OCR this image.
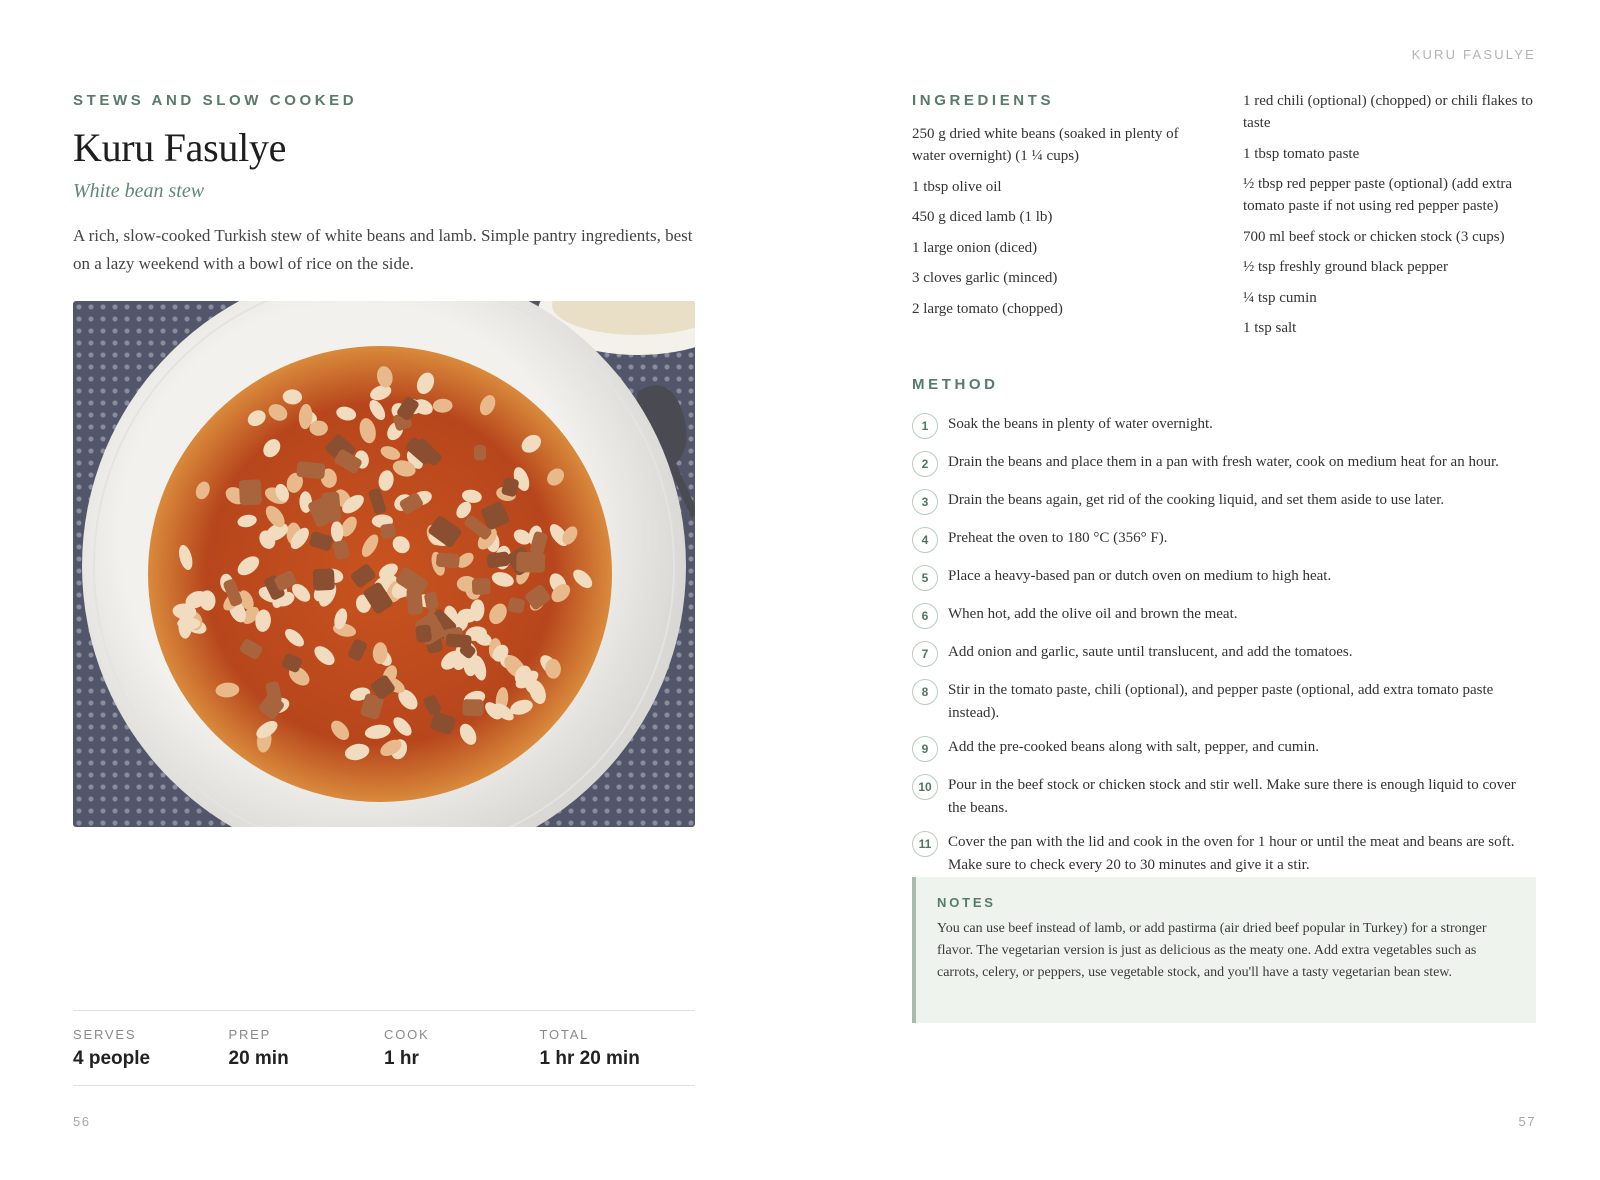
STEWS AND SLOW COOKED
Kuru Fasulye
White bean stew

A rich, slow-cooked Turkish stew of white beans and lamb. Simple pantry ingredients, best on a lazy weekend with a bowl of rice on the side.

SERVES
4 people
PREP
20 min
COOK
1 hr
TOTAL
1 hr 20 min
56
KURU FASULYE
INGREDIENTS
250 g dried white beans (soaked in plenty of water overnight) (1 ¼ cups)
1 tbsp olive oil
450 g diced lamb (1 lb)
1 large onion (diced)
3 cloves garlic (minced)
2 large tomato (chopped)
1 red chili (optional) (chopped) or chili flakes to taste
1 tbsp tomato paste
½ tbsp red pepper paste (optional) (add extra tomato paste if not using red pepper paste)
700 ml beef stock or chicken stock (3 cups)
½ tsp freshly ground black pepper
¼ tsp cumin
1 tsp salt
METHOD
1	Soak the beans in plenty of water overnight.
2	Drain the beans and place them in a pan with fresh water, cook on medium heat for an hour.
3	Drain the beans again, get rid of the cooking liquid, and set them aside to use later.
4	Preheat the oven to 180 °C (356° F).
5	Place a heavy-based pan or dutch oven on medium to high heat.
6	When hot, add the olive oil and brown the meat.
7	Add onion and garlic, saute until translucent, and add the tomatoes.
8	Stir in the tomato paste, chili (optional), and pepper paste (optional, add extra tomato paste instead).
9	Add the pre-cooked beans along with salt, pepper, and cumin.
10	Pour in the beef stock or chicken stock and stir well. Make sure there is enough liquid to cover the beans.
11	Cover the pan with the lid and cook in the oven for 1 hour or until the meat and beans are soft. Make sure to check every 20 to 30 minutes and give it a stir.
NOTES

You can use beef instead of lamb, or add pastirma (air dried beef popular in Turkey) for a stronger flavor. The vegetarian version is just as delicious as the meaty one. Add extra vegetables such as carrots, celery, or peppers, use vegetable stock, and you'll have a tasty vegetarian bean stew.

57
